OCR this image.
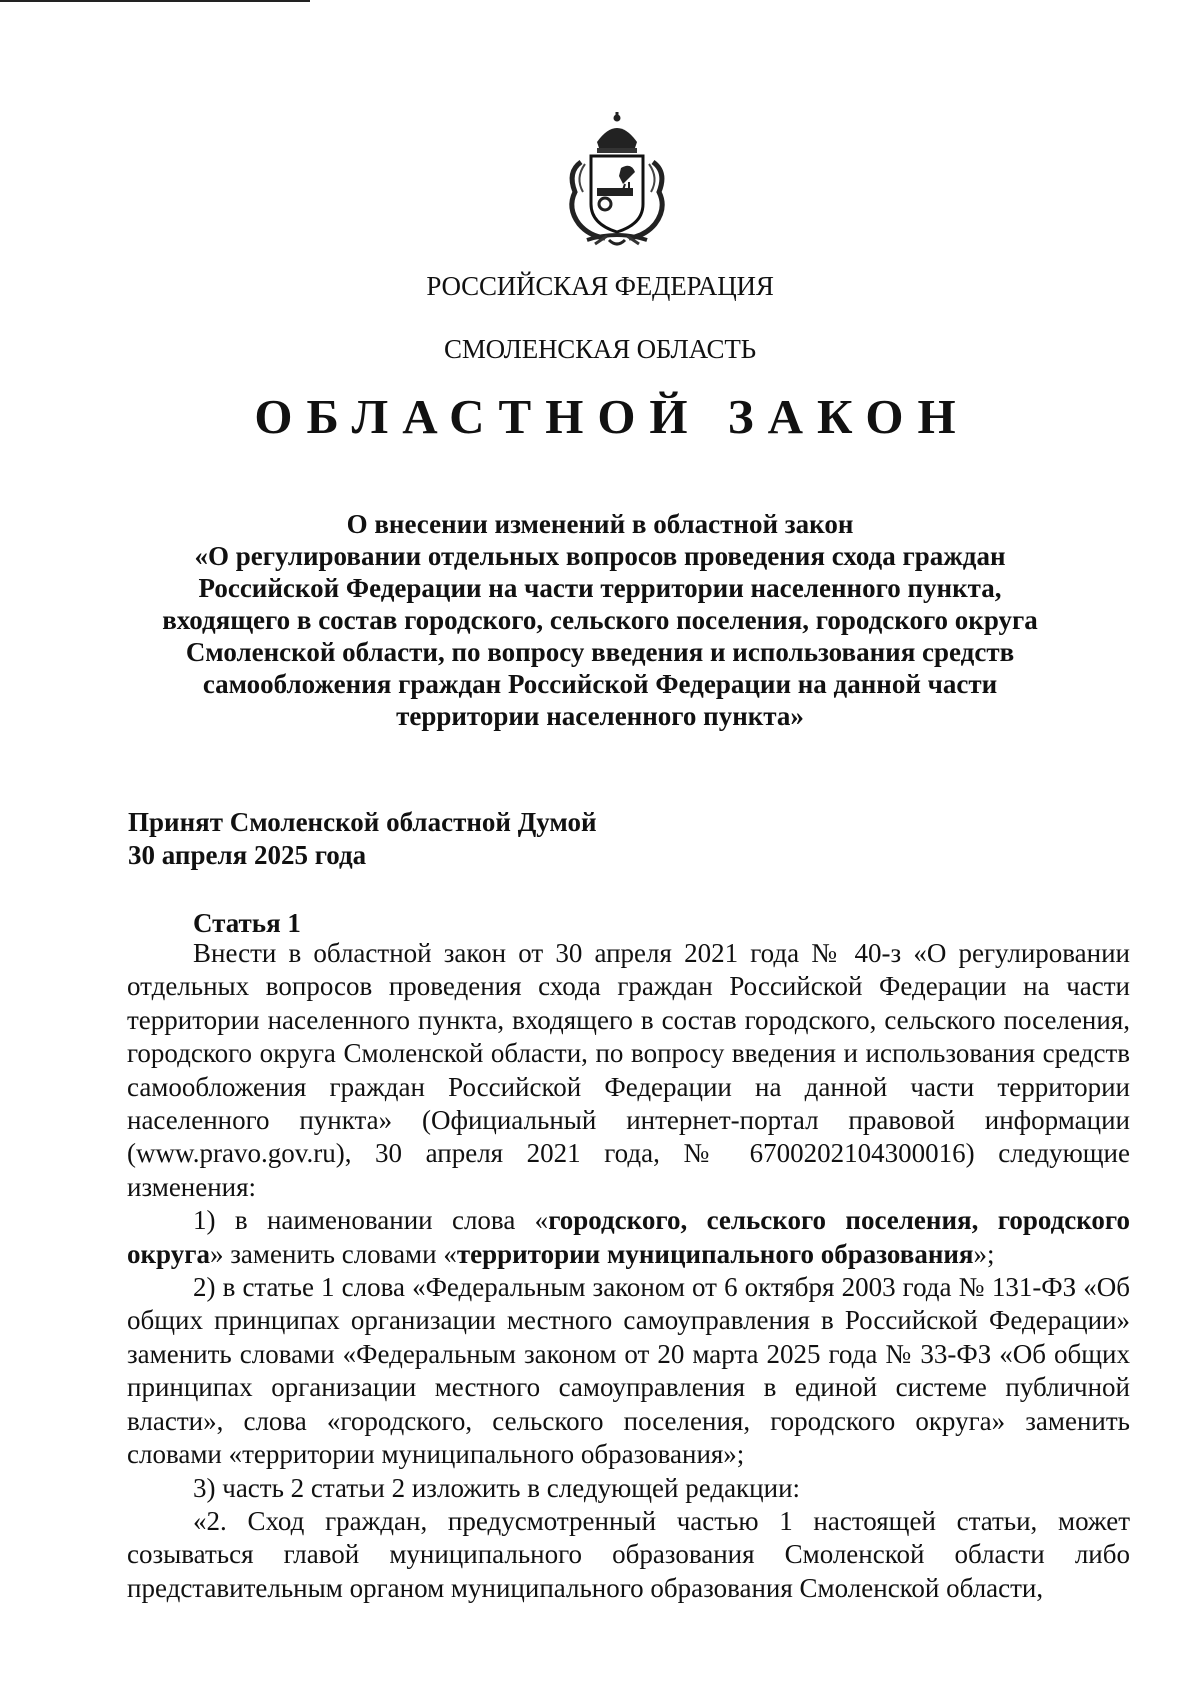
РОССИЙСКАЯ ФЕДЕРАЦИЯ
СМОЛЕНСКАЯ ОБЛАСТЬ
ОБЛАСТНОЙ ЗАКОН
О внесении изменений в областной закон
«О регулировании отдельных вопросов проведения схода граждан
Российской Федерации на части территории населенного пункта,
входящего в состав городского, сельского поселения, городского округа
Смоленской области, по вопросу введения и использования средств
самообложения граждан Российской Федерации на данной части
территории населенного пункта»
Принят Смоленской областной Думой
30 апреля 2025 года
Статья 1

Внести в областной закон от 30 апреля 2021 года № 40-з «О регулировании отдельных вопросов проведения схода граждан Российской Федерации на части территории населенного пункта, входящего в состав городского, сельского поселения, городского округа Смоленской области, по вопросу введения и использования средств самообложения граждан Российской Федерации на данной части территории населенного пункта» (Официальный интернет-портал правовой информации (www.pravo.gov.ru), 30 апреля 2021 года, № 6700202104300016) следующие изменения:

1) в наименовании слова «городского, сельского поселения, городского округа» заменить словами «территории муниципального образования»;

2) в статье 1 слова «Федеральным законом от 6 октября 2003 года № 131-ФЗ «Об общих принципах организации местного самоуправления в Российской Федерации» заменить словами «Федеральным законом от 20 марта 2025 года № 33-ФЗ «Об общих принципах организации местного самоуправления в единой системе публичной власти», слова «городского, сельского поселения, городского округа» заменить словами «территории муниципального образования»;

3) часть 2 статьи 2 изложить в следующей редакции:

«2. Сход граждан, предусмотренный частью 1 настоящей статьи, может созываться главой муниципального образования Смоленской области либо представительным органом муниципального образования Смоленской области,
